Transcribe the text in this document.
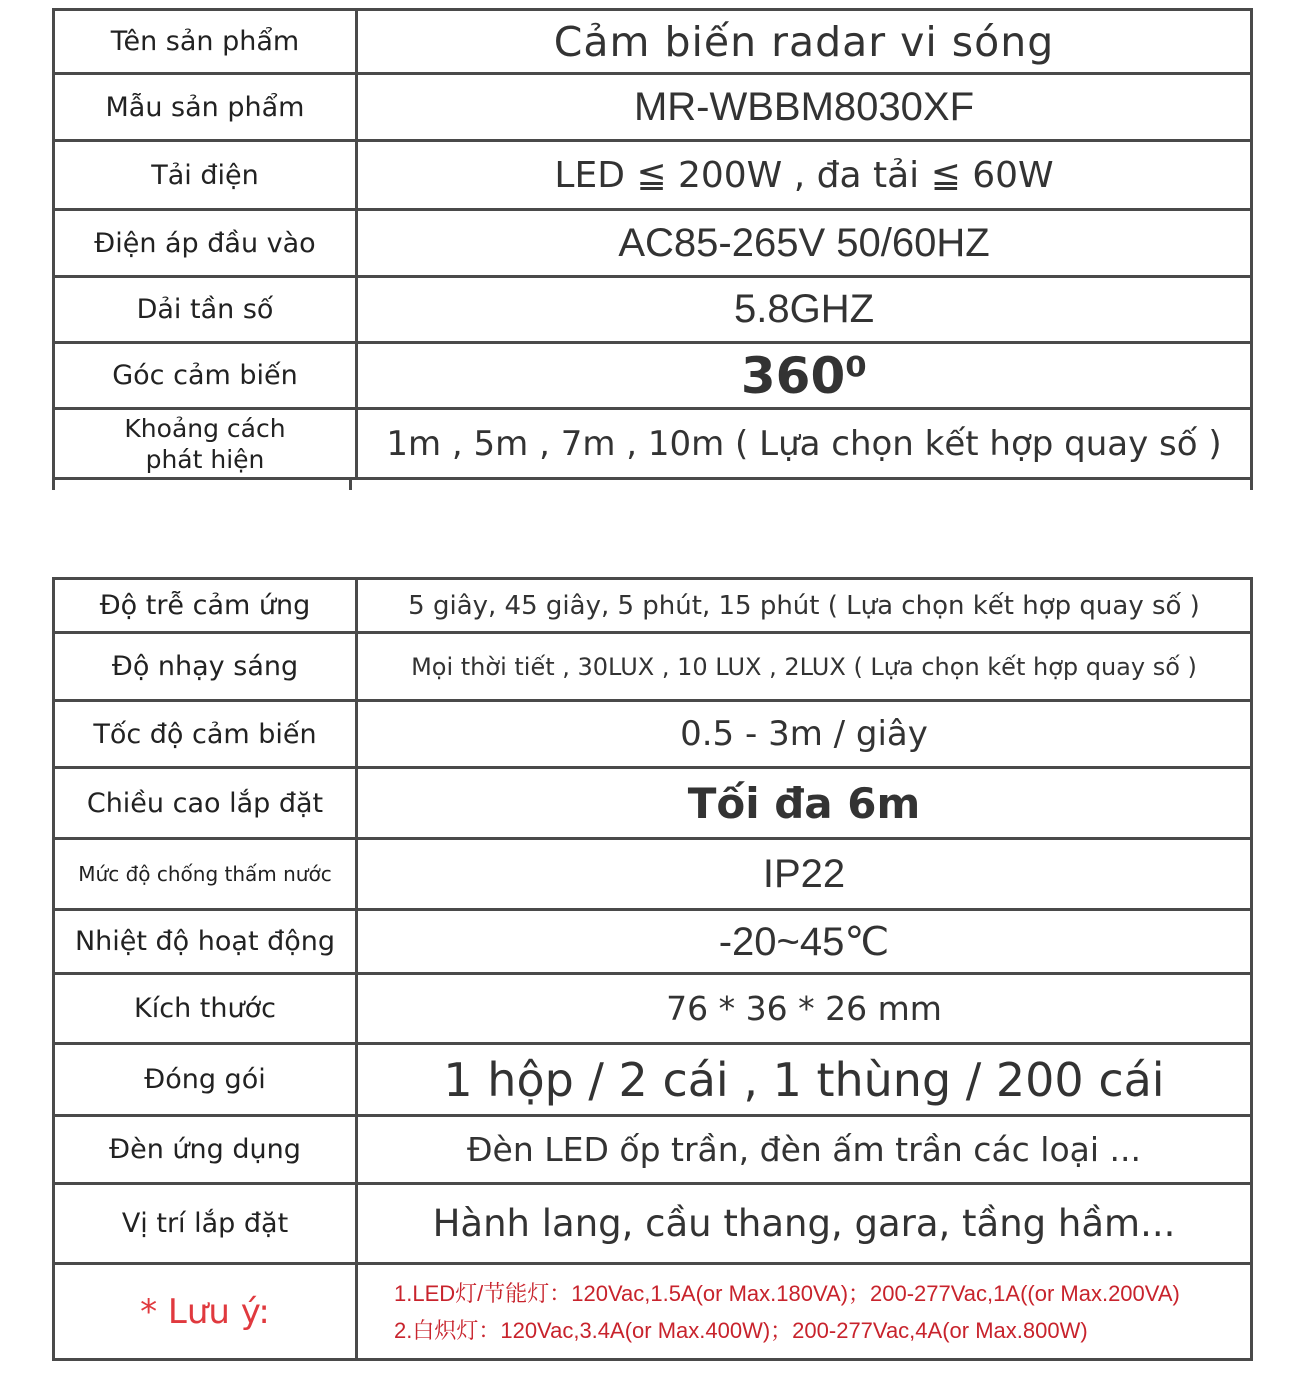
Tên sản phẩm	Cảm biến radar vi sóng
Mẫu sản phẩm	MR-WBBM8030XF
Tải điện	LED ≦ 200W , đa tải ≦ 60W
Điện áp đầu vào	AC85-265V 50/60HZ
Dải tần số	5.8GHZ
Góc cảm biến	360⁰

Khoảng cách
phát hiện	1m , 5m , 7m , 10m ( Lựa chọn kết hợp quay số )
Độ trễ cảm ứng	5 giây, 45 giây, 5 phút, 15 phút ( Lựa chọn kết hợp quay số )
Độ nhạy sáng	Mọi thời tiết , 30LUX , 10 LUX , 2LUX ( Lựa chọn kết hợp quay số )
Tốc độ cảm biến	0.5 - 3m / giây
Chiều cao lắp đặt	Tối đa 6m
Mức độ chống thấm nước	IP22
Nhiệt độ hoạt động	-20~45℃
Kích thước	76 * 36 * 26 mm
Đóng gói	1 hộp / 2 cái , 1 thùng / 200 cái
Đèn ứng dụng	Đèn LED ốp trần, đèn ấm trần các loại ...
Vị trí lắp đặt	Hành lang, cầu thang, gara, tầng hầm...
* Lưu ý:	1.LED灯/节能灯：120Vac,1.5A(or Max.180VA)；200-277Vac,1A((or Max.200VA)
2.白炽灯：120Vac,3.4A(or Max.400W)；200-277Vac,4A(or Max.800W)
